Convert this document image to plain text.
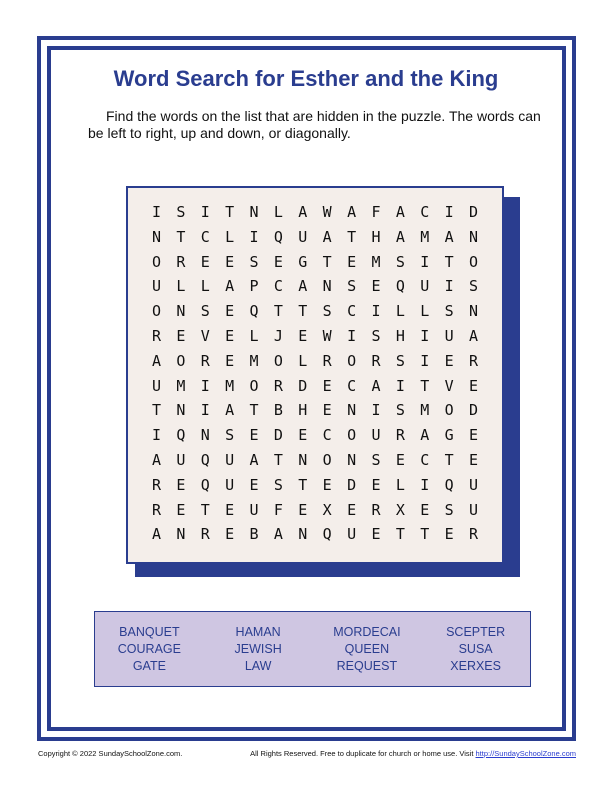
Word Search for Esther and the King

Find the words on the list that are hidden in the puzzle. The words can be left to right, up and down, or diagonally.

I	S	I	T	N	L	A	W	A	F	A	C	I	D
N	T	C	L	I	Q	U	A	T	H	A	M	A	N
O	R	E	E	S	E	G	T	E	M	S	I	T	O
U	L	L	A	P	C	A	N	S	E	Q	U	I	S
O	N	S	E	Q	T	T	S	C	I	L	L	S	N
R	E	V	E	L	J	E	W	I	S	H	I	U	A
A	O	R	E	M	O	L	R	O	R	S	I	E	R
U	M	I	M	O	R	D	E	C	A	I	T	V	E
T	N	I	A	T	B	H	E	N	I	S	M	O	D
I	Q	N	S	E	D	E	C	O	U	R	A	G	E
A	U	Q	U	A	T	N	O	N	S	E	C	T	E
R	E	Q	U	E	S	T	E	D	E	L	I	Q	U
R	E	T	E	U	F	E	X	E	R	X	E	S	U
A	N	R	E	B	A	N	Q	U	E	T	T	E	R
BANQUET	HAMAN	MORDECAI	SCEPTER
COURAGE	JEWISH	QUEEN	SUSA
GATE	LAW	REQUEST	XERXES
Copyright © 2022 SundaySchoolZone.com.	All Rights Reserved. Free to duplicate for church or home use. Visit http://SundaySchoolZone.com
